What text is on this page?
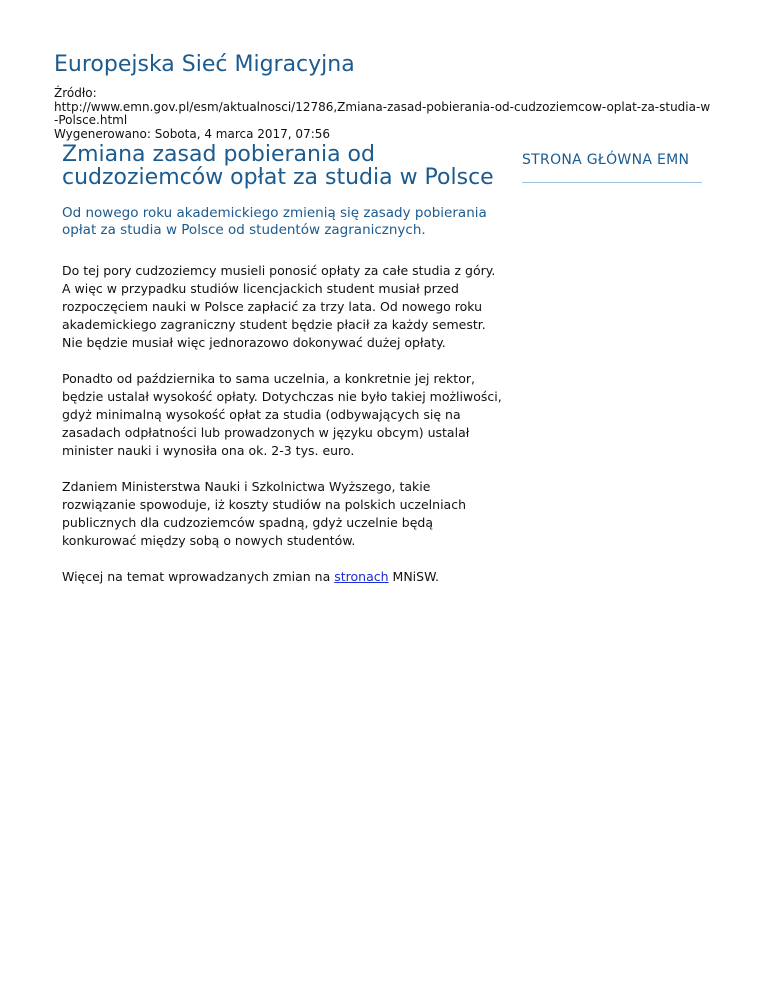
Europejska Sieć Migracyjna
Źródło:
http://www.emn.gov.pl/esm/aktualnosci/12786,Zmiana-zasad-pobierania-od-cudzoziemcow-oplat-za-studia-w-Polsce.html
Wygenerowano: Sobota, 4 marca 2017, 07:56
Zmiana zasad pobierania od cudzoziemców opłat za studia w Polsce

Od nowego roku akademickiego zmienią się zasady pobierania opłat za studia w Polsce od studentów zagranicznych.

Do tej pory cudzoziemcy musieli ponosić opłaty za całe studia z góry. A więc w przypadku studiów licencjackich student musiał przed rozpoczęciem nauki w Polsce zapłacić za trzy lata. Od nowego roku akademickiego zagraniczny student będzie płacił za każdy semestr. Nie będzie musiał więc jednorazowo dokonywać dużej opłaty.

Ponadto od października to sama uczelnia, a konkretnie jej rektor, będzie ustalał wysokość opłaty. Dotychczas nie było takiej możliwości, gdyż minimalną wysokość opłat za studia (odbywających się na zasadach odpłatności lub prowadzonych w języku obcym) ustalał minister nauki i wynosiła ona ok. 2-3 tys. euro.

Zdaniem Ministerstwa Nauki i Szkolnictwa Wyższego, takie rozwiązanie spowoduje, iż koszty studiów na polskich uczelniach publicznych dla cudzoziemców spadną, gdyż uczelnie będą konkurować między sobą o nowych studentów.

Więcej na temat wprowadzanych zmian na stronach MNiSW.

STRONA GŁÓWNA EMN
